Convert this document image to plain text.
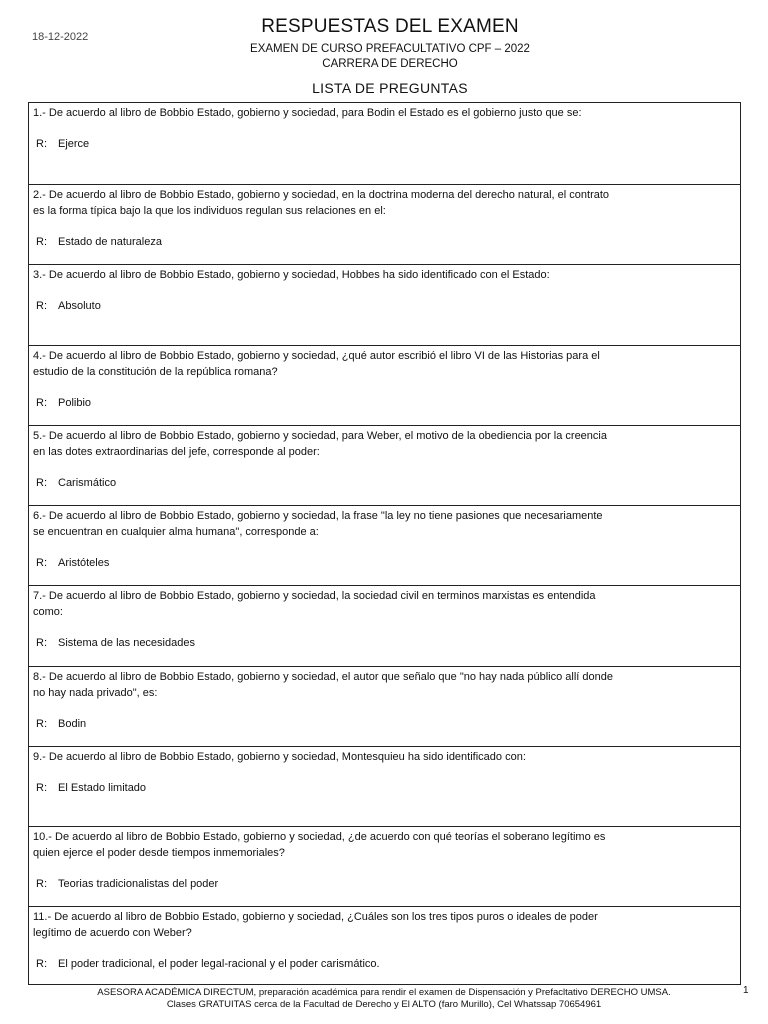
18-12-2022	RESPUESTAS DEL EXAMEN
EXAMEN DE CURSO PREFACULTATIVO CPF – 2022
CARRERA DE DERECHO
LISTA DE PREGUNTAS
1.- De acuerdo al libro de Bobbio Estado, gobierno y sociedad, para Bodin el Estado es el gobierno justo que se:
R: Ejerce
2.- De acuerdo al libro de Bobbio Estado, gobierno y sociedad, en la doctrina moderna del derecho natural, el contrato es la forma típica bajo la que los individuos regulan sus relaciones en el:
R: Estado de naturaleza
3.- De acuerdo al libro de Bobbio Estado, gobierno y sociedad, Hobbes ha sido identificado con el Estado:
R: Absoluto
4.- De acuerdo al libro de Bobbio Estado, gobierno y sociedad, ¿qué autor escribió el libro VI de las Historias para el estudio de la constitución de la república romana?
R: Polibio
5.- De acuerdo al libro de Bobbio Estado, gobierno y sociedad, para Weber, el motivo de la obediencia por la creencia en las dotes extraordinarias del jefe, corresponde al poder:
R: Carismático
6.- De acuerdo al libro de Bobbio Estado, gobierno y sociedad, la frase "la ley no tiene pasiones que necesariamente se encuentran en cualquier alma humana", corresponde a:
R: Aristóteles
7.- De acuerdo al libro de Bobbio Estado, gobierno y sociedad, la sociedad civil en terminos marxistas es entendida como:
R: Sistema de las necesidades
8.- De acuerdo al libro de Bobbio Estado, gobierno y sociedad, el autor que señalo que "no hay nada público allí donde no hay nada privado", es:
R: Bodin
9.- De acuerdo al libro de Bobbio Estado, gobierno y sociedad, Montesquieu ha sido identificado con:
R: El Estado limitado
10.- De acuerdo al libro de Bobbio Estado, gobierno y sociedad, ¿de acuerdo con qué teorías el soberano legítimo es quien ejerce el poder desde tiempos inmemoriales?
R: Teorias tradicionalistas del poder
11.- De acuerdo al libro de Bobbio Estado, gobierno y sociedad, ¿Cuáles son los tres tipos puros o ideales de poder legítimo de acuerdo con Weber?
R: El poder tradicional, el poder legal-racional y el poder carismático.
ASESORA ACADÉMICA DIRECTUM, preparación académica para rendir el examen de Dispensación y Prefacltativo DERECHO UMSA.
Clases GRATUITAS cerca de la Facultad de Derecho y El ALTO (faro Murillo), Cel Whatssap 70654961
1
